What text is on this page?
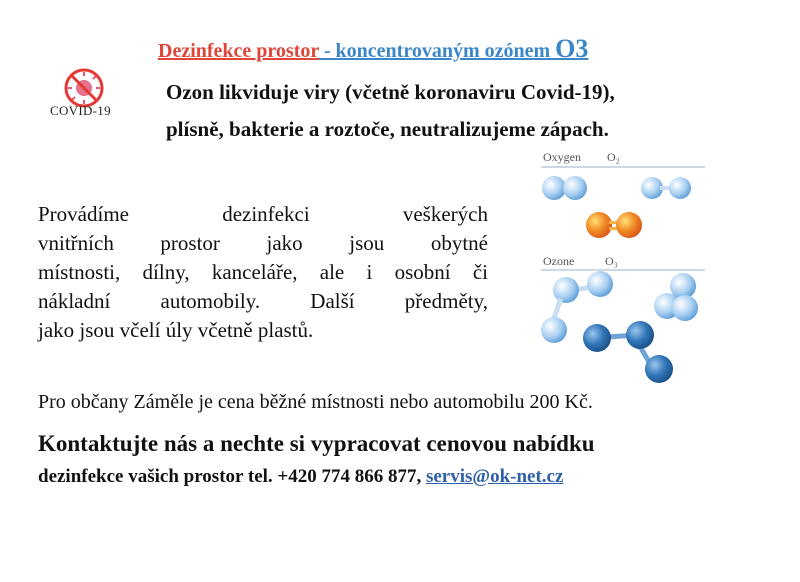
Dezinfekce prostor - koncentrovaným ozónem O3
COVID-19
Ozon likviduje viry (včetně koronaviru Covid-19),
plísně, bakterie a roztoče, neutralizujeme zápach.
Provádíme dezinfekci veškerých
vnitřních prostor jako jsou obytné
místnosti, dílny, kanceláře, ale i osobní či
nákladní automobily. Další předměty,
jako jsou včelí úly včetně plastů.
Oxygen O₂
Ozone	O₃
Pro občany Záměle je cena běžné místnosti nebo automobilu 200 Kč.
Kontaktujte nás a nechte si vypracovat cenovou nabídku
dezinfekce vašich prostor tel. +420 774 866 877, servis@ok-net.cz
